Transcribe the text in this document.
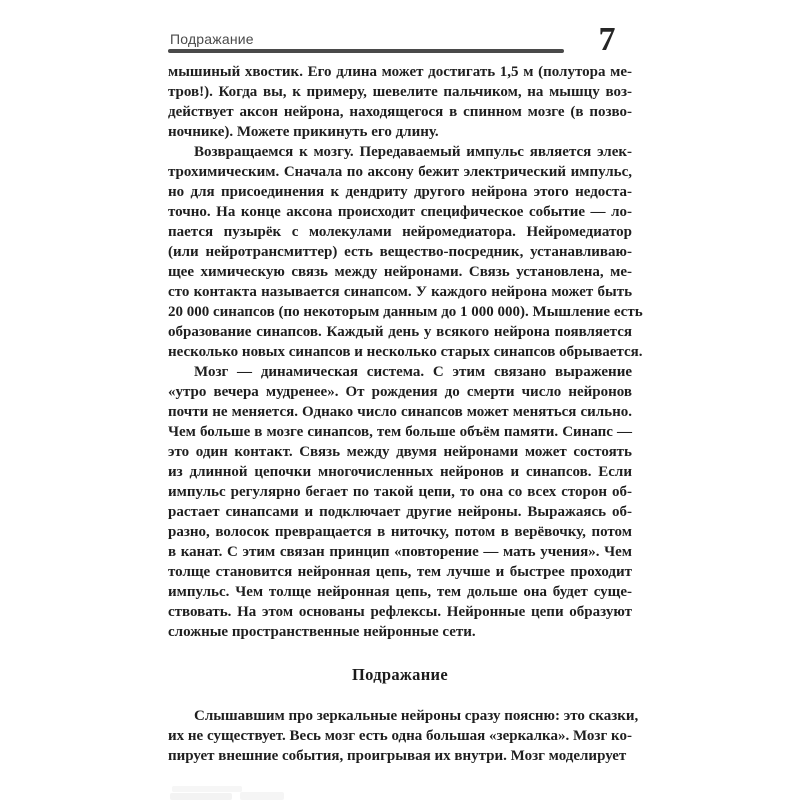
Подражание	7
мышиный хвостик. Его длина может достигать 1,5 м (полутора ме-
тров!). Когда вы, к примеру, шевелите пальчиком, на мышцу воз-
действует аксон нейрона, находящегося в спинном мозге (в позво-
ночнике). Можете прикинуть его длину.
Возвращаемся к мозгу. Передаваемый импульс является элек-
трохимическим. Сначала по аксону бежит электрический импульс,
но для присоединения к дендриту другого нейрона этого недоста-
точно. На конце аксона происходит специфическое событие — ло-
пается пузырёк с молекулами нейромедиатора. Нейромедиатор
(или нейротрансмиттер) есть вещество-посредник, устанавливаю-
щее химическую связь между нейронами. Связь установлена, ме-
сто контакта называется синапсом. У каждого нейрона может быть
20 000 синапсов (по некоторым данным до 1 000 000). Мышление есть
образование синапсов. Каждый день у всякого нейрона появляется
несколько новых синапсов и несколько старых синапсов обрывается.
Мозг — динамическая система. С этим связано выражение
«утро вечера мудренее». От рождения до смерти число нейронов
почти не меняется. Однако число синапсов может меняться сильно.
Чем больше в мозге синапсов, тем больше объём памяти. Синапс —
это один контакт. Связь между двумя нейронами может состоять
из длинной цепочки многочисленных нейронов и синапсов. Если
импульс регулярно бегает по такой цепи, то она со всех сторон об-
растает синапсами и подключает другие нейроны. Выражаясь об-
разно, волосок превращается в ниточку, потом в верёвочку, потом
в канат. С этим связан принцип «повторение — мать учения». Чем
толще становится нейронная цепь, тем лучше и быстрее проходит
импульс. Чем толще нейронная цепь, тем дольше она будет суще-
ствовать. На этом основаны рефлексы. Нейронные цепи образуют
сложные пространственные нейронные сети.
Подражание
Слышавшим про зеркальные нейроны сразу поясню: это сказки,
их не существует. Весь мозг есть одна большая «зеркалка». Мозг ко-
пирует внешние события, проигрывая их внутри. Мозг моделирует
